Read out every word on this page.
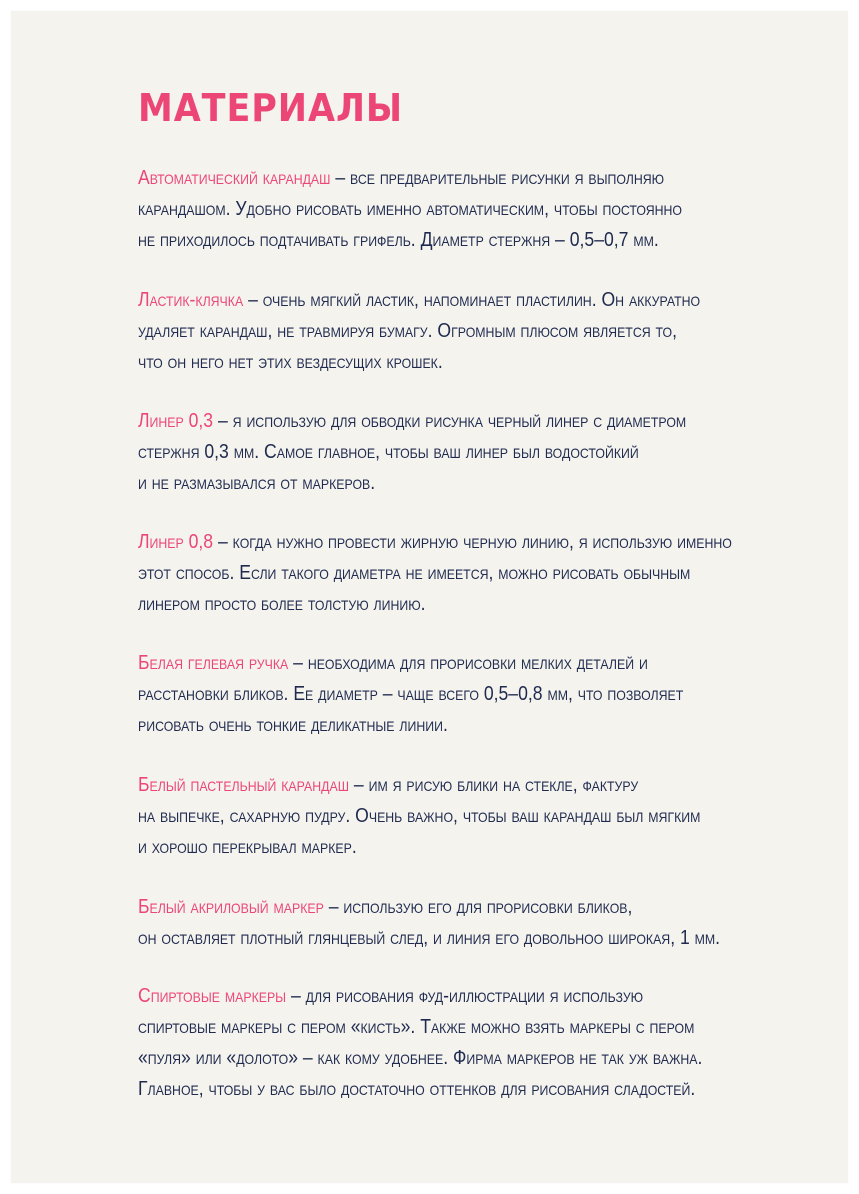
МАТЕРИАЛЫ
Автоматический карандаш – все предварительные рисунки я выполняю
карандашом. Удобно рисовать именно автоматическим, чтобы постоянно
не приходилось подтачивать грифель. Диаметр стержня – 0,5–0,7 мм.
Ластик-клячка – очень мягкий ластик, напоминает пластилин. Он аккуратно
удаляет карандаш, не травмируя бумагу. Огромным плюсом является то,
что он него нет этих вездесущих крошек.
Линер 0,3 – я использую для обводки рисунка черный линер с диаметром
стержня 0,3 мм. Самое главное, чтобы ваш линер был водостойкий
и не размазывался от маркеров.
Линер 0,8 – когда нужно провести жирную черную линию, я использую именно
этот способ. Если такого диаметра не имеется, можно рисовать обычным
линером просто более толстую линию.
Белая гелевая ручка – необходима для прорисовки мелких деталей и
расстановки бликов. Ее диаметр – чаще всего 0,5–0,8 мм, что позволяет
рисовать очень тонкие деликатные линии.
Белый пастельный карандаш – им я рисую блики на стекле, фактуру
на выпечке, сахарную пудру. Очень важно, чтобы ваш карандаш был мягким
и хорошо перекрывал маркер.
Белый акриловый маркер – использую его для прорисовки бликов,
он оставляет плотный глянцевый след, и линия его довольноо широкая, 1 мм.
Спиртовые маркеры – для рисования фуд-иллюстрации я использую
спиртовые маркеры с пером «кисть». Также можно взять маркеры с пером
«пуля» или «долото» – как кому удобнее. Фирма маркеров не так уж важна.
Главное, чтобы у вас было достаточно оттенков для рисования сладостей.
